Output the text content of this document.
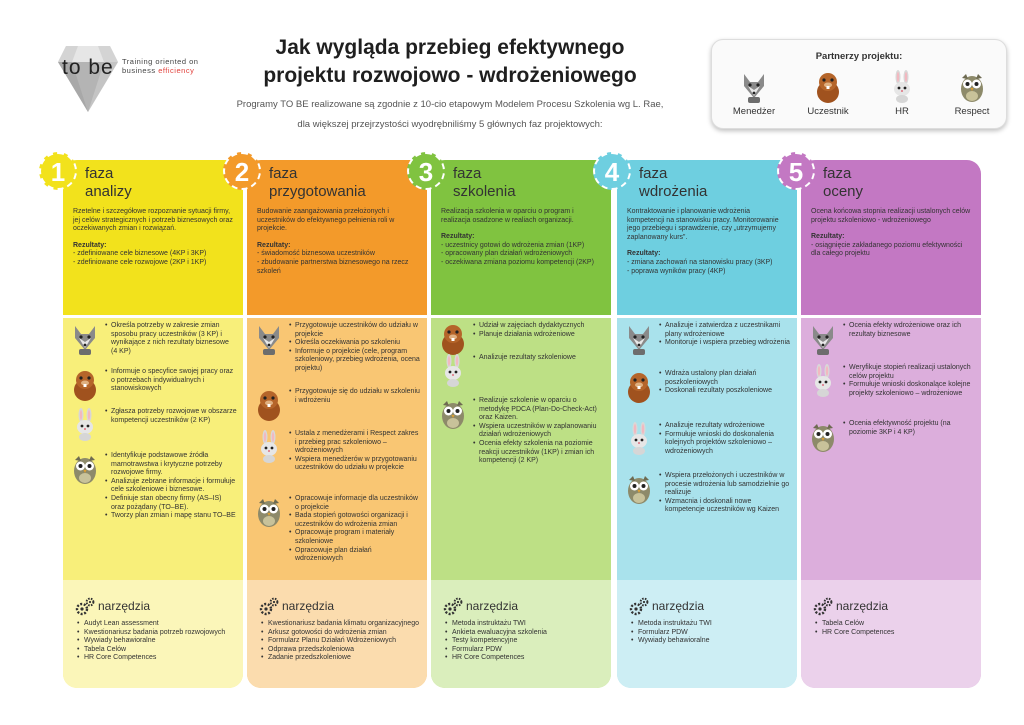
to be Training oriented on
business efficiency
Jak wygląda przebieg efektywnego
projektu rozwojowo - wdrożeniowego
Programy TO BE realizowane są zgodnie z 10-cio etapowym Modelem Procesu Szkolenia wg L. Rae,
dla większej przejrzystości wyodrębniliśmy 5 głównych faz projektowych:
Partnerzy projektu:
Menedżer	Uczestnik	HR	Respect
faza
analizy
Rzetelne i szczegółowe rozpoznanie sytuacji firmy, jej celów strategicznych i potrzeb biznesowych oraz oczekiwanych zmian i rozwiązań.
Rezultaty:
- zdefiniowane cele biznesowe (4KP i 3KP)
- zdefiniowane cele rozwojowe (2KP i 1KP)
• Określa potrzeby w zakresie zmian sposobu pracy uczestników (3 KP) i wynikające z nich rezultaty biznesowe (4 KP)
• Informuje o specyfice swojej pracy oraz o potrzebach indywidualnych i stanowiskowych
• Zgłasza potrzeby rozwojowe w obszarze kompetencji uczestników (2 KP)
• Identyfikuje podstawowe źródła marnotrawstwa i krytyczne potrzeby rozwojowe firmy.
• Analizuje zebrane informacje i formułuje cele szkoleniowe i biznesowe.
• Definiuje stan obecny firmy (AS–IS) oraz pożądany (TO–BE).
• Tworzy plan zmian i mapę stanu TO–BE
narzędzia
• Audyt Lean assessment
• Kwestionariusz badania potrzeb rozwojowych
• Wywiady behawioralne
• Tabela Celów
• HR Core Competences
faza
przygotowania
Budowanie zaangażowania przełożonych i uczestników do efektywnego pełnienia roli w projekcie.
Rezultaty:
- świadomość biznesowa uczestników
- zbudowanie partnerstwa biznesowego na rzecz szkoleń
• Przygotowuje uczestników do udziału w projekcie
• Określa oczekiwania po szkoleniu
• Informuje o projekcie (cele, program szkoleniowy, przebieg wdrożenia, ocena projektu)
• Przygotowuje się do udziału w szkoleniu i wdrożeniu
• Ustala z menedżerami i Respect zakres i przebieg prac szkoleniowo – wdrożeniowych
• Wspiera menedżerów w przygotowaniu uczestników do udziału w projekcie
• Opracowuje informacje dla uczestników o projekcie
• Bada stopień gotowości organizacji i uczestników do wdrożenia zmian
• Opracowuje program i materiały szkoleniowe
• Opracowuje plan działań wdrożeniowych
narzędzia
• Kwestionariusz badania klimatu organizacyjnego
• Arkusz gotowości do wdrożenia zmian
• Formularz Planu Działań Wdrożeniowych
• Odprawa przedszkoleniowa
• Zadanie przedszkoleniowe
faza
szkolenia
Realizacja szkolenia w oparciu o program i realizacja osadzone w realiach organizacji.
Rezultaty:
- uczestnicy gotowi do wdrożenia zmian (1KP)
- opracowany plan działań wdrożeniowych
- oczekiwana zmiana poziomu kompetencji (2KP)
• Udział w zajęciach dydaktycznych
• Planuje działania wdrożeniowe
• Analizuje rezultaty szkoleniowe
• Realizuje szkolenie w oparciu o metodykę PDCA (Plan-Do-Check-Act) oraz Kaizen.
• Wspiera uczestników w zaplanowaniu działań wdrożeniowych
• Ocenia efekty szkolenia na poziomie reakcji uczestników (1KP) i zmian ich kompetencji (2 KP)
narzędzia
• Metoda instruktażu TWI
• Ankieta ewaluacyjna szkolenia
• Testy kompetencyjne
• Formularz PDW
• HR Core Competences
faza
wdrożenia
Kontraktowanie i planowanie wdrożenia kompetencji na stanowisku pracy. Monitorowanie jego przebiegu i sprawdzenie, czy „utrzymujemy zaplanowany kurs”.
Rezultaty:
- zmiana zachowań na stanowisku pracy (3KP)
- poprawa wyników pracy (4KP)
• Analizuje i zatwierdza z uczestnikami plany wdrożeniowe
• Monitoruje i wspiera przebieg wdrożenia
• Wdraża ustalony plan działań poszkoleniowych
• Doskonali rezultaty poszkoleniowe
• Analizuje rezultaty wdrożeniowe
• Formułuje wnioski do doskonalenia kolejnych projektów szkoleniowo – wdrożeniowych
• Wspiera przełożonych i uczestników w procesie wdrożenia lub samodzielnie go realizuje
• Wzmacnia i doskonali nowe kompetencje uczestników wg Kaizen
narzędzia
• Metoda instruktażu TWI
• Formularz PDW
• Wywiady behawioralne
faza
oceny
Ocena końcowa stopnia realizacji ustalonych celów projektu szkoleniowo - wdrożeniowego
Rezultaty:
- osiągnięcie zakładanego poziomu efektywności dla całego projektu
• Ocenia efekty wdrożeniowe oraz ich rezultaty biznesowe
• Weryfikuje stopień realizacji ustalonych celów projektu
• Formułuje wnioski doskonalące kolejne projekty szkoleniowo – wdrożeniowe
• Ocenia efektywność projektu (na poziomie 3KP i 4 KP)
narzędzia
• Tabela Celów
• HR Core Competences
1	2	3	4	5
